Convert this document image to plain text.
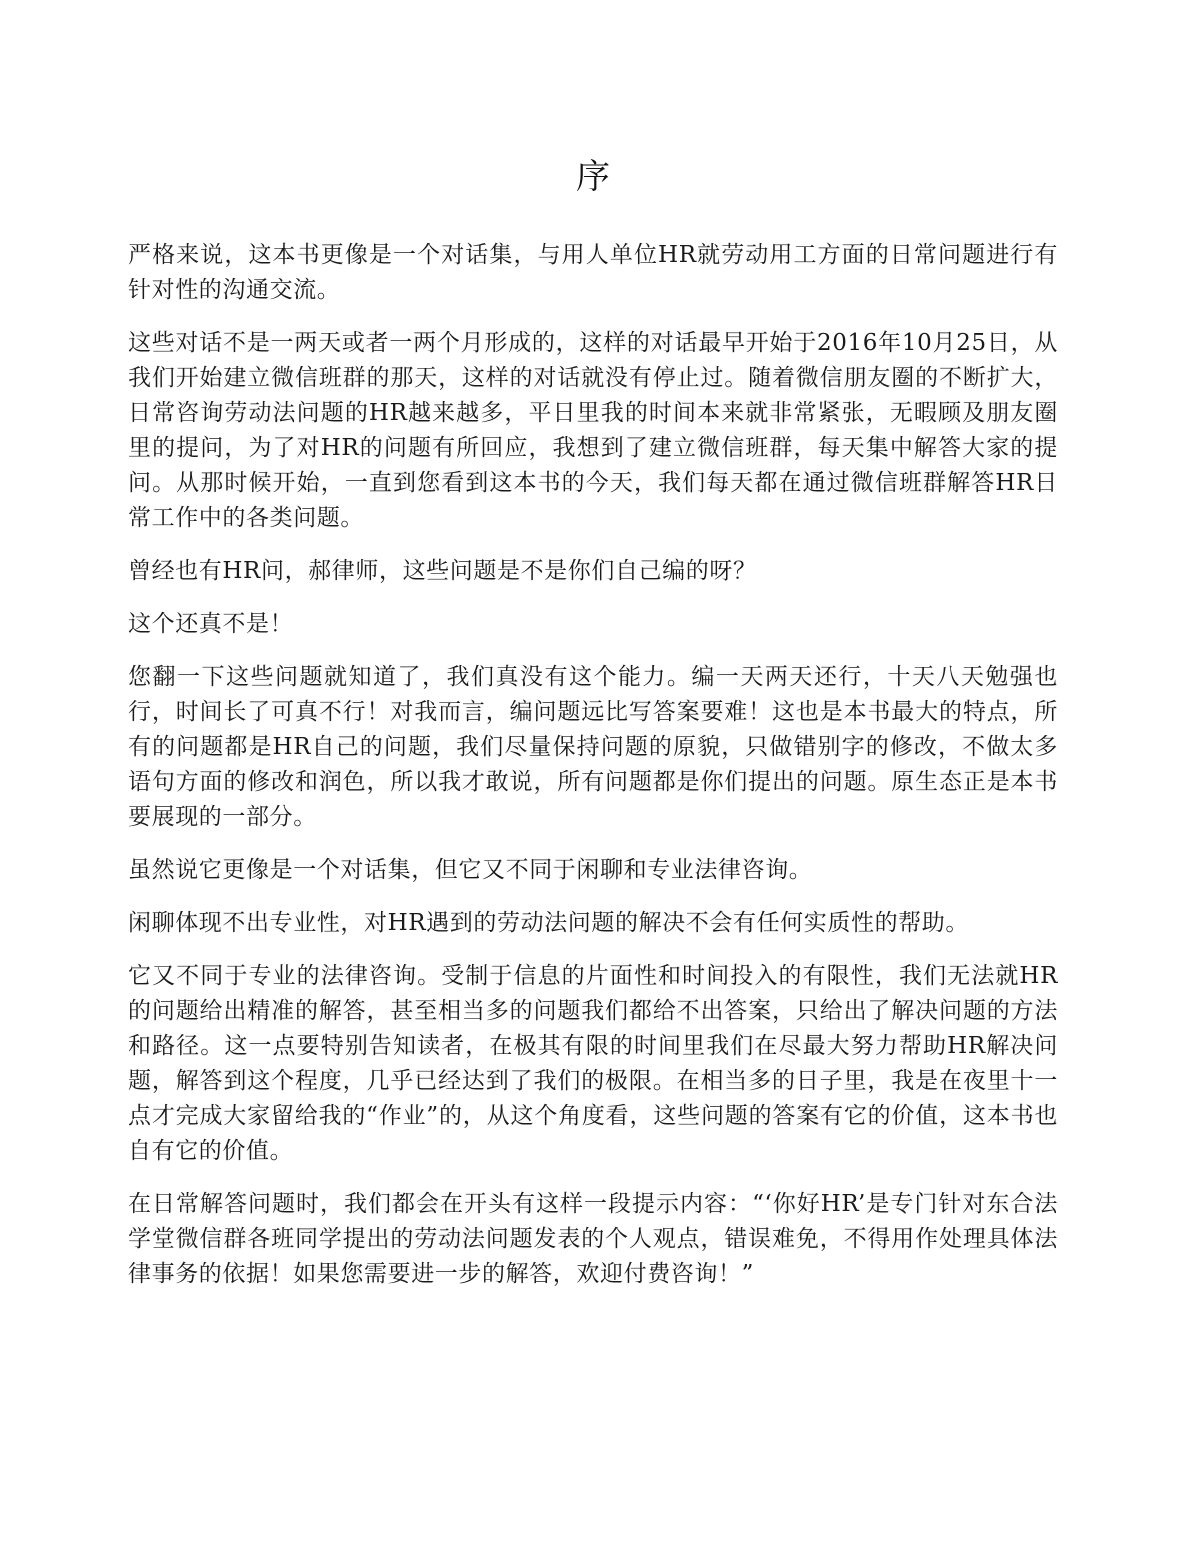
序

严格来说，这本书更像是一个对话集，与用人单位HR就劳动用工方面的日常问题进行有针对性的沟通交流。

这些对话不是一两天或者一两个月形成的，这样的对话最早开始于2016年10月25日，从我们开始建立微信班群的那天，这样的对话就没有停止过。随着微信朋友圈的不断扩大，日常咨询劳动法问题的HR越来越多，平日里我的时间本来就非常紧张，无暇顾及朋友圈里的提问，为了对HR的问题有所回应，我想到了建立微信班群，每天集中解答大家的提问。从那时候开始，一直到您看到这本书的今天，我们每天都在通过微信班群解答HR日常工作中的各类问题。

曾经也有HR问，郝律师，这些问题是不是你们自己编的呀？

这个还真不是！

您翻一下这些问题就知道了，我们真没有这个能力。编一天两天还行，十天八天勉强也行，时间长了可真不行！对我而言，编问题远比写答案要难！这也是本书最大的特点，所有的问题都是HR自己的问题，我们尽量保持问题的原貌，只做错别字的修改，不做太多语句方面的修改和润色，所以我才敢说，所有问题都是你们提出的问题。原生态正是本书要展现的一部分。

虽然说它更像是一个对话集，但它又不同于闲聊和专业法律咨询。

闲聊体现不出专业性，对HR遇到的劳动法问题的解决不会有任何实质性的帮助。

它又不同于专业的法律咨询。受制于信息的片面性和时间投入的有限性，我们无法就HR的问题给出精准的解答，甚至相当多的问题我们都给不出答案，只给出了解决问题的方法和路径。这一点要特别告知读者，在极其有限的时间里我们在尽最大努力帮助HR解决问题，解答到这个程度，几乎已经达到了我们的极限。在相当多的日子里，我是在夜里十一点才完成大家留给我的“作业”的，从这个角度看，这些问题的答案有它的价值，这本书也自有它的价值。

在日常解答问题时，我们都会在开头有这样一段提示内容：“‘你好HR’是专门针对东合法学堂微信群各班同学提出的劳动法问题发表的个人观点，错误难免，不得用作处理具体法律事务的依据！如果您需要进一步的解答，欢迎付费咨询！”
